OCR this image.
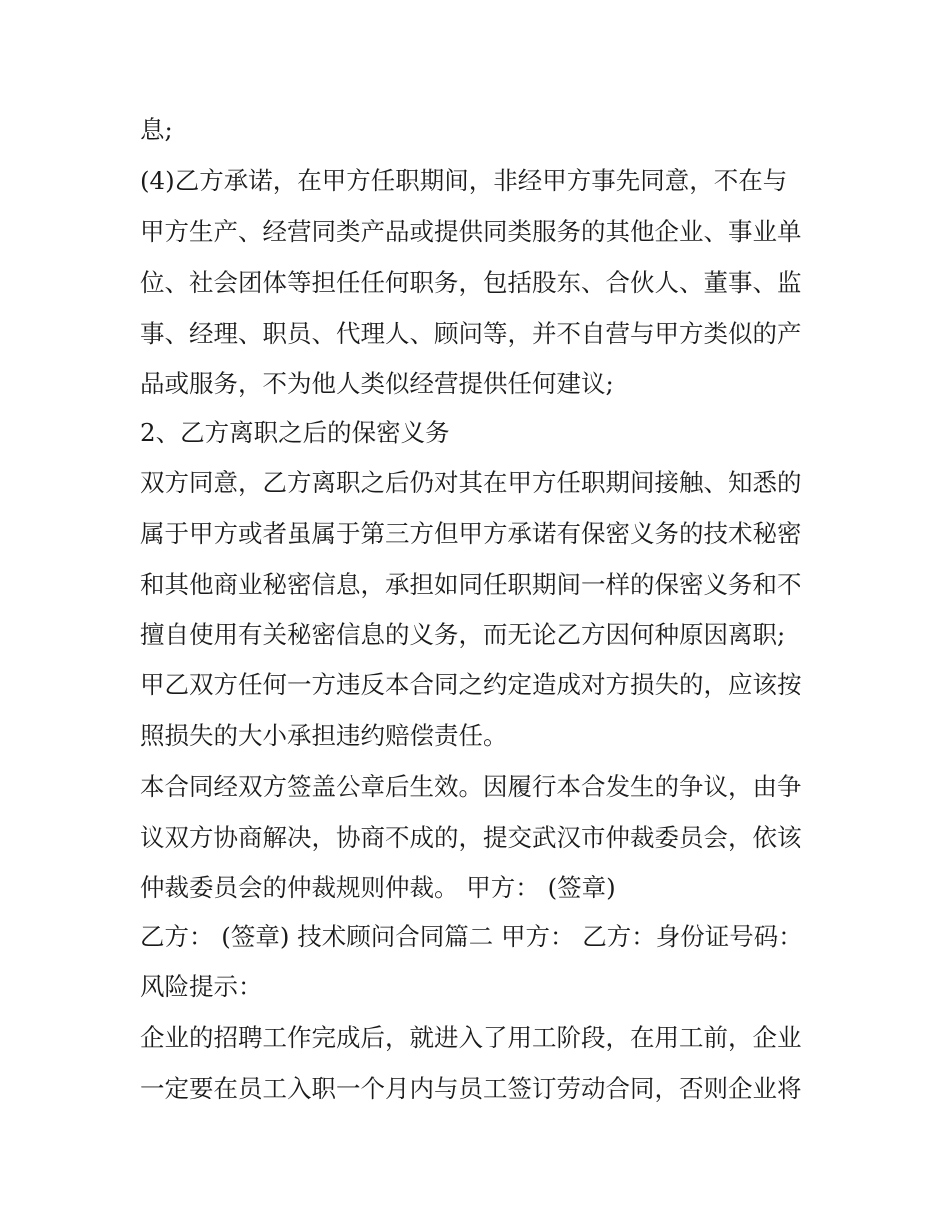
息;
(4)乙方承诺，在甲方任职期间，非经甲方事先同意，不在与
甲方生产、经营同类产品或提供同类服务的其他企业、事业单
位、社会团体等担任任何职务，包括股东、合伙人、董事、监
事、经理、职员、代理人、顾问等，并不自营与甲方类似的产
品或服务，不为他人类似经营提供任何建议;
2、乙方离职之后的保密义务
双方同意，乙方离职之后仍对其在甲方任职期间接触、知悉的
属于甲方或者虽属于第三方但甲方承诺有保密义务的技术秘密
和其他商业秘密信息，承担如同任职期间一样的保密义务和不
擅自使用有关秘密信息的义务，而无论乙方因何种原因离职;
甲乙双方任何一方违反本合同之约定造成对方损失的，应该按
照损失的大小承担违约赔偿责任。
本合同经双方签盖公章后生效。因履行本合发生的争议，由争
议双方协商解决，协商不成的，提交武汉市仲裁委员会，依该
仲裁委员会的仲裁规则仲裁。 甲方： (签章)
乙方： (签章) 技术顾问合同篇二 甲方： 乙方：身份证号码：
风险提示：
企业的招聘工作完成后，就进入了用工阶段，在用工前，企业
一定要在员工入职一个月内与员工签订劳动合同，否则企业将
